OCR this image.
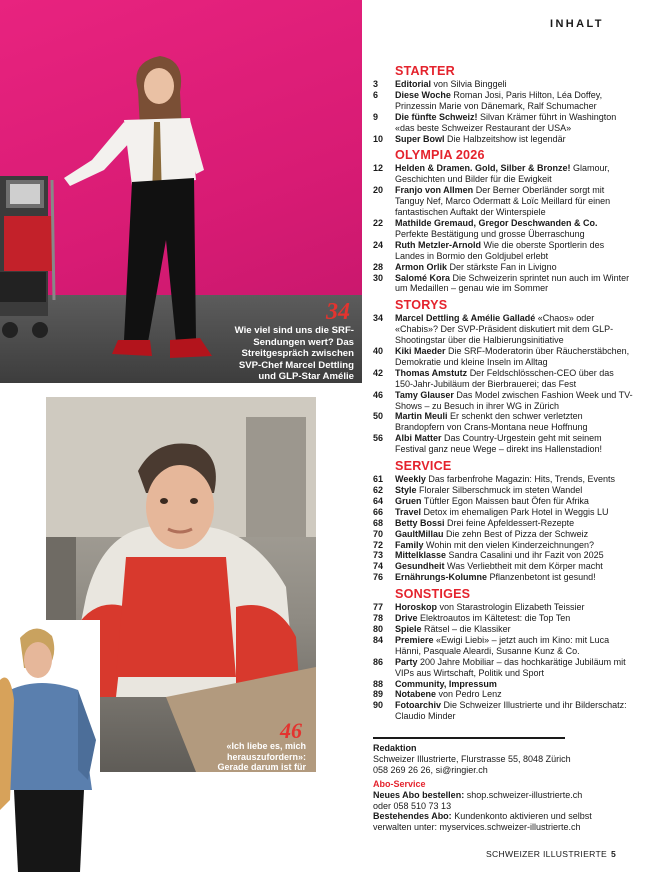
34
Wie viel sind uns die SRF-Sendungen wert? Das Streitgespräch zwischen SVP-Chef Marcel Dettling und GLP-Star Amélie Galladé.
46
«Ich liebe es, mich herauszufordern»: Gerade darum ist für Model Tamy Glauser ein Ort der Ruhe so wichtig.
INHALT
STARTER
3	Editorial von Silvia Binggeli
6	Diese Woche Roman Josi, Paris Hilton, Léa Doffey, Prinzessin Marie von Dänemark, Ralf Schumacher
9	Die fünfte Schweiz! Silvan Krämer führt in Washington «das beste Schweizer Restaurant der USA»
10	Super Bowl Die Halbzeitshow ist legendär
OLYMPIA 2026
12	Helden & Dramen. Gold, Silber & Bronze! Glamour, Geschichten und Bilder für die Ewigkeit
20	Franjo von Allmen Der Berner Oberländer sorgt mit Tanguy Nef, Marco Odermatt & Loïc Meillard für einen fantastischen Auftakt der Winterspiele
22	Mathilde Gremaud, Gregor Deschwanden & Co. Perfekte Bestätigung und grosse Überraschung
24	Ruth Metzler-Arnold Wie die oberste Sportlerin des Landes in Bormio den Goldjubel erlebt
28	Armon Orlik Der stärkste Fan in Livigno
30	Salomé Kora Die Schweizerin sprintet nun auch im Winter um Medaillen – genau wie im Sommer
STORYS
34	Marcel Dettling & Amélie Galladé «Chaos» oder «Chabis»? Der SVP-Präsident diskutiert mit dem GLP-Shootingstar über die Halbierungsinitiative
40	Kiki Maeder Die SRF-Moderatorin über Räucherstäbchen, Demokratie und kleine Inseln im Alltag
42	Thomas Amstutz Der Feldschlösschen-CEO über das 150-Jahr-Jubiläum der Bierbrauerei; das Fest
46	Tamy Glauser Das Model zwischen Fashion Week und TV-Shows – zu Besuch in ihrer WG in Zürich
50	Martin Meuli Er schenkt den schwer verletzten Brandopfern von Crans-Montana neue Hoffnung
56	Albi Matter Das Country-Urgestein geht mit seinem Festival ganz neue Wege – direkt ins Hallenstadion!
SERVICE
61	Weekly Das farbenfrohe Magazin: Hits, Trends, Events
62	Style Floraler Silberschmuck im steten Wandel
64	Gruen Tüftler Egon Maissen baut Öfen für Afrika
66	Travel Detox im ehemaligen Park Hotel in Weggis LU
68	Betty Bossi Drei feine Apfeldessert-Rezepte
70	GaultMillau Die zehn Best of Pizza der Schweiz
72	Family Wohin mit den vielen Kinderzeichnungen?
73	Mittelklasse Sandra Casalini und ihr Fazit von 2025
74	Gesundheit Was Verliebtheit mit dem Körper macht
76	Ernährungs-Kolumne Pflanzenbetont ist gesund!
SONSTIGES
77	Horoskop von Starastrologin Elizabeth Teissier
78	Drive Elektroautos im Kältetest: die Top Ten
80	Spiele Rätsel – die Klassiker
84	Premiere «Ewigi Liebi» – jetzt auch im Kino: mit Luca Hänni, Pasquale Aleardi, Susanne Kunz & Co.
86	Party 200 Jahre Mobiliar – das hochkarätige Jubiläum mit VIPs aus Wirtschaft, Politik und Sport
88	Community, Impressum
89	Notabene von Pedro Lenz
90	Fotoarchiv Die Schweizer Illustrierte und ihr Bilderschatz: Claudio Minder
Redaktion
Schweizer Illustrierte, Flurstrasse 55, 8048 Zürich
058 269 26 26, si@ringier.ch
Abo-Service
Neues Abo bestellen: shop.schweizer-illustrierte.ch
oder 058 510 73 13
Bestehendes Abo: Kundenkonto aktivieren und selbst verwalten unter: myservices.schweizer-illustrierte.ch
SCHWEIZER ILLUSTRIERTE 5
